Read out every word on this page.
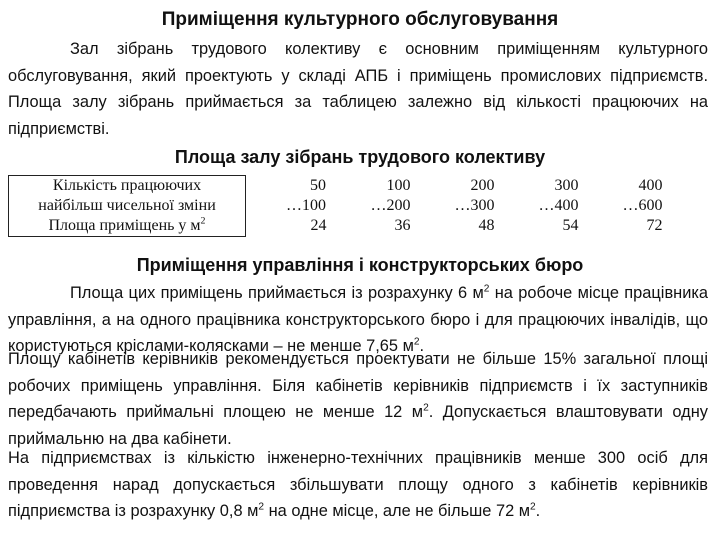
Приміщення культурного обслуговування

Зал зібрань трудового колективу є основним приміщенням культурного обслуговування, який проектують у складі АПБ і приміщень промислових підприємств. Площа залу зібрань приймається за таблицею залежно від кількості працюючих на підприємстві.

Площа залу зібрань трудового колективу
Кількість працюючих	50	100	200	300	400
найбільш чисельної зміни	…100	…200	…300	…400	…600
Площа приміщень у $м^2$	24	36	48	54	72
Приміщення управління і конструкторських бюро

Площа цих приміщень приймається із розрахунку 6 $м^2$ на робоче місце працівника управління, а на одного працівника конструкторського бюро і для працюючих інвалідів, що користуються кріслами-колясками – не менше 7,65 $м^2$.

Площу кабінетів керівників рекомендується проектувати не більше 15% загальної площі робочих приміщень управління. Біля кабінетів керівників підприємств і їх заступників передбачають приймальні площею не менше 12 $м^2$. Допускається влаштовувати одну приймальню на два кабінети.

На підприємствах із кількістю інженерно-технічних працівників менше 300 осіб для проведення нарад допускається збільшувати площу одного з кабінетів керівників підприємства із розрахунку 0,8 $м^2$ на одне місце, але не більше 72 $м^2$.
